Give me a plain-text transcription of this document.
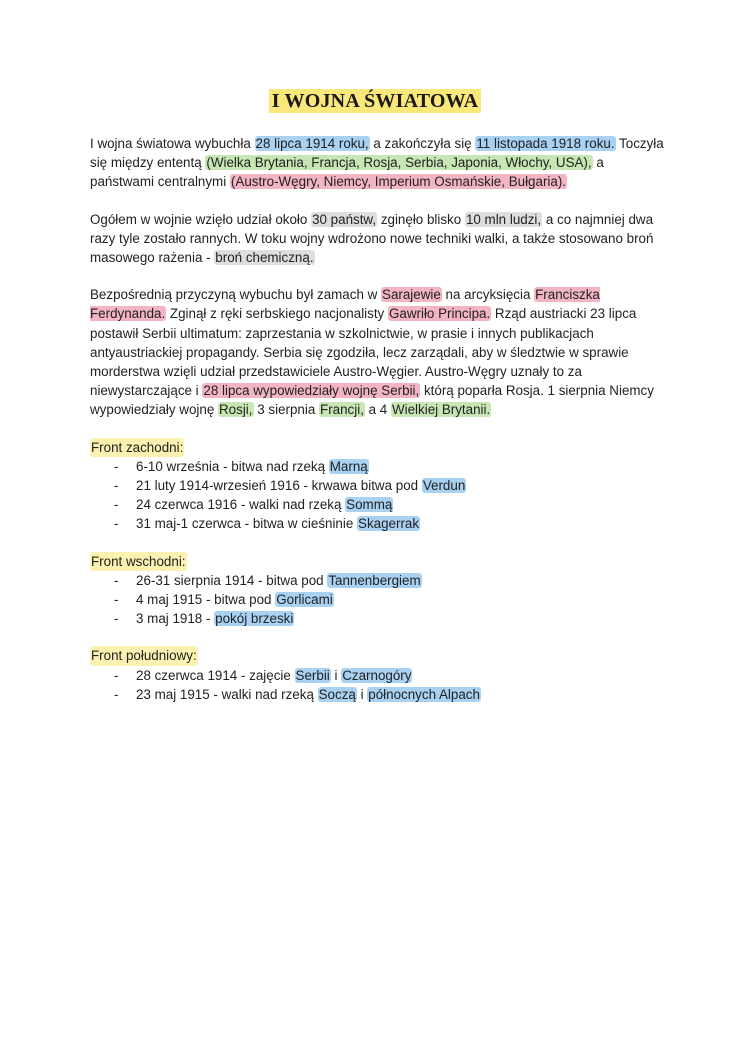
I WOJNA ŚWIATOWA

I wojna światowa wybuchła 28 lipca 1914 roku, a zakończyła się 11 listopada 1918 roku. Toczyła się między ententą (Wielka Brytania, Francja, Rosja, Serbia, Japonia, Włochy, USA), a państwami centralnymi (Austro-Węgry, Niemcy, Imperium Osmańskie, Bułgaria).

Ogółem w wojnie wzięło udział około 30 państw, zginęło blisko 10 mln ludzi, a co najmniej dwa razy tyle zostało rannych. W toku wojny wdrożono nowe techniki walki, a także stosowano broń masowego rażenia - broń chemiczną.

Bezpośrednią przyczyną wybuchu był zamach w Sarajewie na arcyksięcia Franciszka Ferdynanda. Zginął z ręki serbskiego nacjonalisty Gawriło Principa. Rząd austriacki 23 lipca postawił Serbii ultimatum: zaprzestania w szkolnictwie, w prasie i innych publikacjach antyaustriackiej propagandy. Serbia się zgodziła, lecz zarządali, aby w śledztwie w sprawie morderstwa wzięli udział przedstawiciele Austro-Węgier. Austro-Węgry uznały to za niewystarczające i 28 lipca wypowiedziały wojnę Serbii, którą poparła Rosja. 1 sierpnia Niemcy wypowiedziały wojnę Rosji, 3 sierpnia Francji, a 4 Wielkiej Brytanii.

Front zachodni:
- 6-10 września - bitwa nad rzeką Marną
- 21 luty 1914-wrzesień 1916 - krwawa bitwa pod Verdun
- 24 czerwca 1916 - walki nad rzeką Sommą
- 31 maj-1 czerwca - bitwa w cieśninie Skagerrak
Front wschodni:
- 26-31 sierpnia 1914 - bitwa pod Tannenbergiem
- 4 maj 1915 - bitwa pod Gorlicami
- 3 maj 1918 - pokój brzeski
Front południowy:
- 28 czerwca 1914 - zajęcie Serbii i Czarnogóry
- 23 maj 1915 - walki nad rzeką Soczą i północnych Alpach
